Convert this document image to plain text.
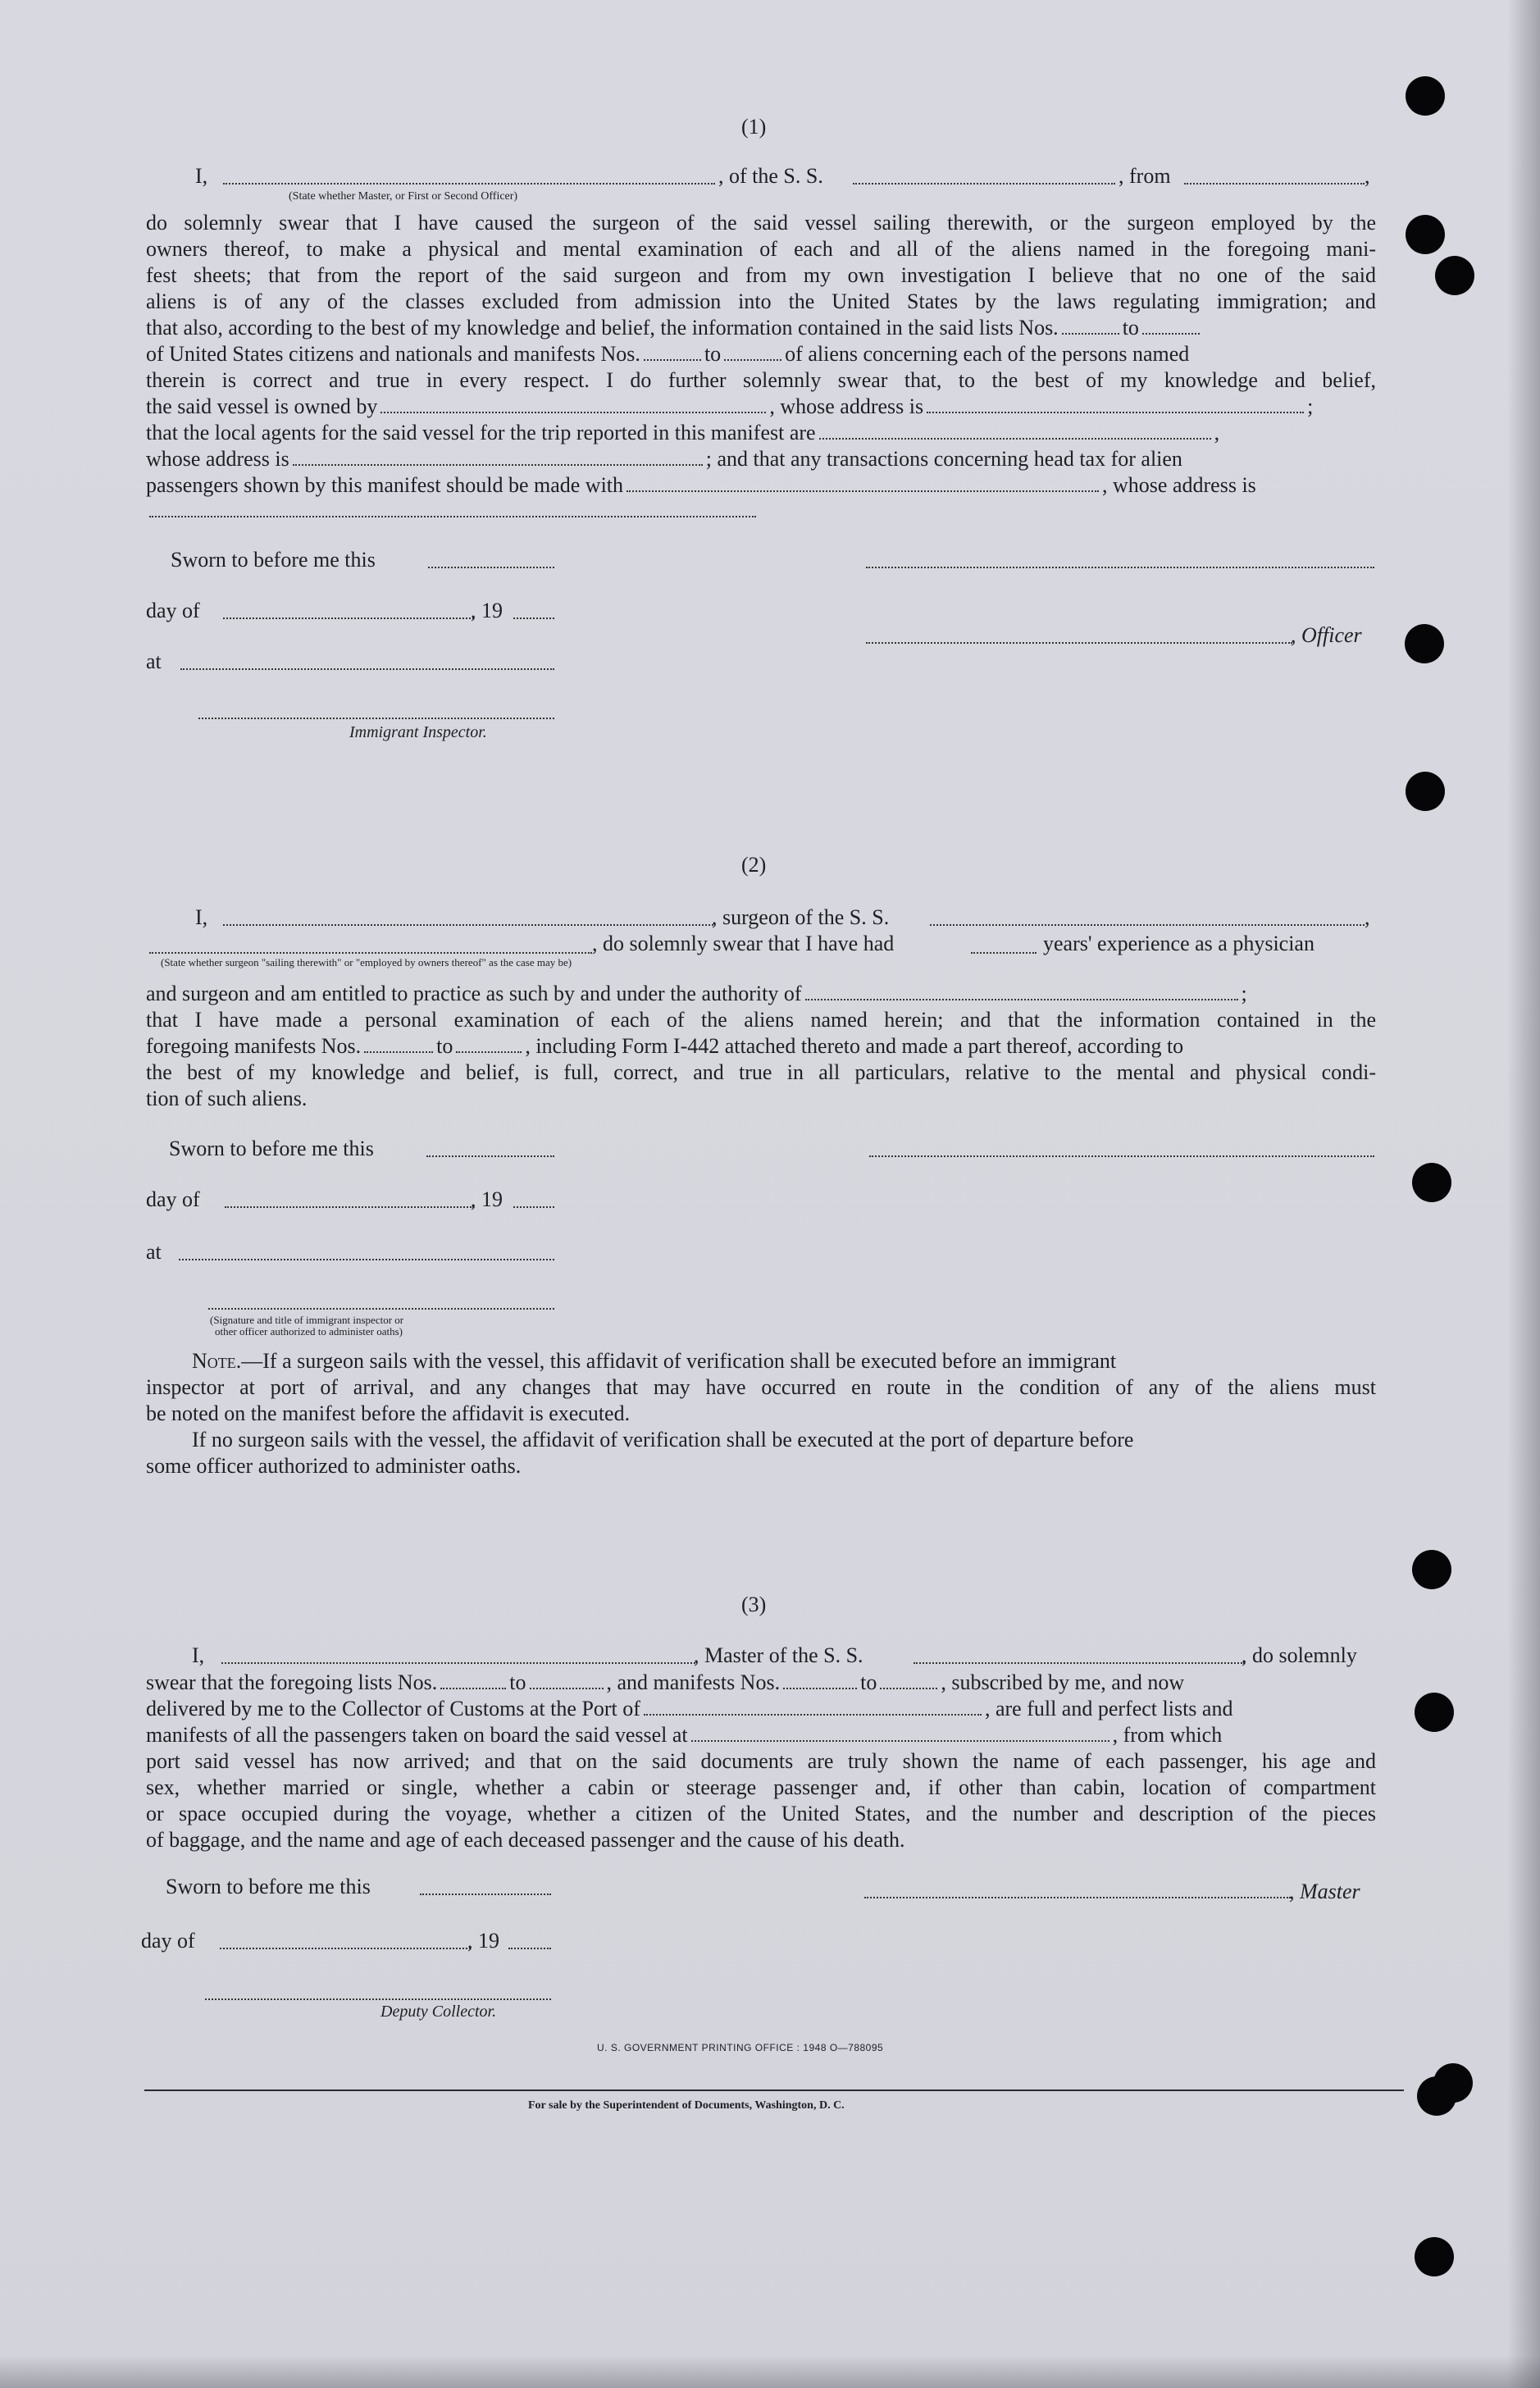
(1)
I,	, of the S. S.	, from	,
(State whether Master, or First or Second Officer)
do solemnly swear that I have caused the surgeon of the said vessel sailing therewith, or the surgeon employed by the
owners thereof, to make a physical and mental examination of each and all of the aliens named in the foregoing mani-
fest sheets; that from the report of the said surgeon and from my own investigation I believe that no one of the said
aliens is of any of the classes excluded from admission into the United States by the laws regulating immigration; and
that also, according to the best of my knowledge and belief, the information contained in the said lists Nos.	to
of United States citizens and nationals and manifests Nos.	to	of aliens concerning each of the persons named
therein is correct and true in every respect. I do further solemnly swear that, to the best of my knowledge and belief,
the said vessel is owned by	, whose address is	;
that the local agents for the said vessel for the trip reported in this manifest are	,
whose address is	; and that any transactions concerning head tax for alien
passengers shown by this manifest should be made with	, whose address is
Sworn to before me this
day of	, 19
, Officer
at
Immigrant Inspector.
(2)
I,	, surgeon of the S. S.	,
, do solemnly swear that I have had	years' experience as a physician
(State whether surgeon "sailing therewith" or "employed by owners thereof" as the case may be)
and surgeon and am entitled to practice as such by and under the authority of	;
that I have made a personal examination of each of the aliens named herein; and that the information contained in the
foregoing manifests Nos.	to	, including Form I-442 attached thereto and made a part thereof, according to
the best of my knowledge and belief, is full, correct, and true in all particulars, relative to the mental and physical condi-
tion of such aliens.
Sworn to before me this
day of	, 19
at
(Signature and title of immigrant inspector or
other officer authorized to administer oaths)
Note.—If a surgeon sails with the vessel, this affidavit of verification shall be executed before an immigrant
inspector at port of arrival, and any changes that may have occurred en route in the condition of any of the aliens must
be noted on the manifest before the affidavit is executed.
If no surgeon sails with the vessel, the affidavit of verification shall be executed at the port of departure before
some officer authorized to administer oaths.
(3)
I,	, Master of the S. S.	, do solemnly
swear that the foregoing lists Nos.	to	, and manifests Nos.	to	, subscribed by me, and now
delivered by me to the Collector of Customs at the Port of	, are full and perfect lists and
manifests of all the passengers taken on board the said vessel at	, from which
port said vessel has now arrived; and that on the said documents are truly shown the name of each passenger, his age and
sex, whether married or single, whether a cabin or steerage passenger and, if other than cabin, location of compartment
or space occupied during the voyage, whether a citizen of the United States, and the number and description of the pieces
of baggage, and the name and age of each deceased passenger and the cause of his death.
Sworn to before me this	, Master
day of	, 19
Deputy Collector.
U. S. GOVERNMENT PRINTING OFFICE : 1948 O—788095
For sale by the Superintendent of Documents, Washington, D. C.
